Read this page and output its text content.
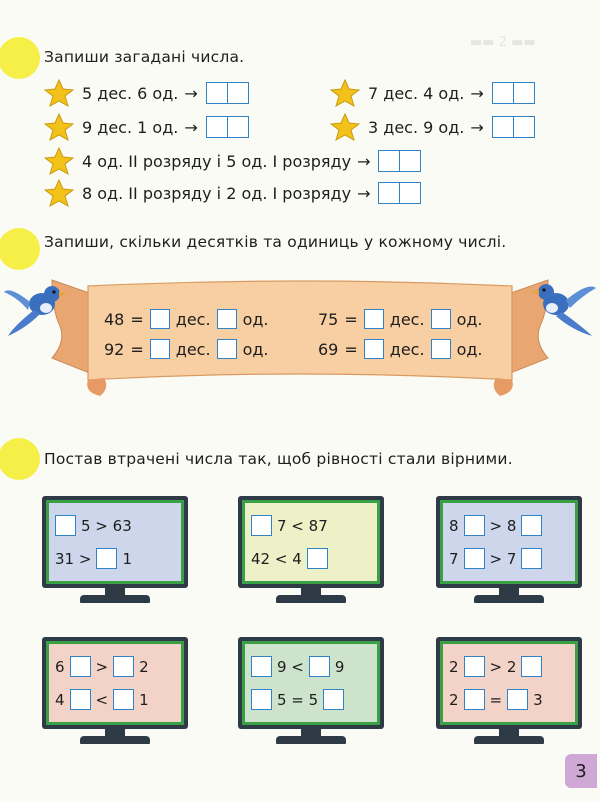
▬▬ 2 ▬▬
Запиши загадані числа.
5 дес. 6 од. →	7 дес. 4 од. →
9 дес. 1 од. →	3 дес. 9 од. →
4 од. ІІ розряду і 5 од. І розряду →
8 од. ІІ розряду і 2 од. І розряду →
Запиши, скільки десятків та одиниць у кожному числі.
48 = дес. од.	75 = дес. од.
92 = дес. од.	69 = дес. од.
Постав втрачені числа так, щоб рівності стали вірними.
5 > 63
31 > 1
7 < 87
42 < 4
8 > 8
7 > 7
6 > 2
4 < 1
9 < 9
5 = 5
2 > 2
2 = 3
3
